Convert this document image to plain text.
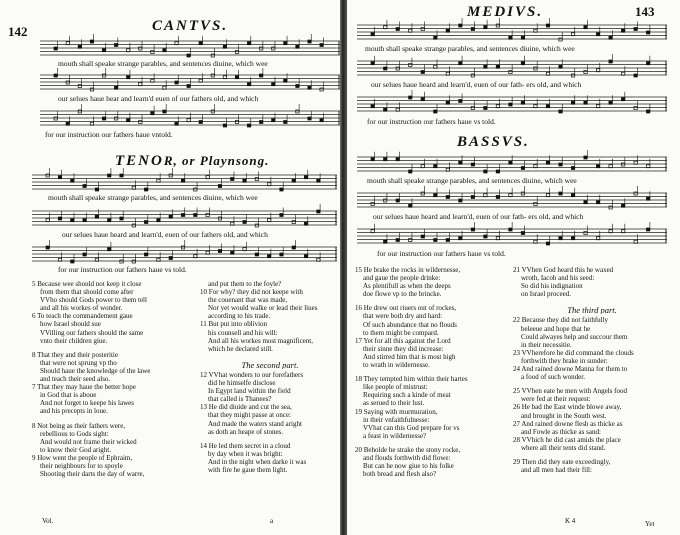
142	CANTVS.
mouth shall speake strange parables, and sentences diuine, which wee
our selues haue hear and learn'd euen of our fathers old, and which
for our instruction our fathers haue vntold.
TENOR, or Playnsong.
mouth shall speake strange parables, and sentences diuine, which wee
our selues haue heard and learn'd, euen of our fathers old, and which
for our instruction our fathers haue vs told.
5 Because wee should not keep it close
from them that should come after
VVho should Gods power to them tell
and all his workes of wonder.
6 To teach the commandement gaue
how Israel should sue
VVilling our fathers should the same
vnto their children giue.
8 That they and their posteritie
that were not sprung vp tho
Should haue the knowledge of the lawe
and teach their seed also.
7 That they may haue the better hope
in God that is aboue
And not forget to keepe his lawes
and his precepts in loue.
8 Not being as their fathers were,
rebellious to Gods sight:
And would not frame their wicked
to know their God aright.
9 How went the people of Ephraim,
their neighbours for to spoyle
Shooting their darts the day of warre,
and put them to the foyle?
10 For why? they did not keepe with
the couenant that was made,
Nor yet would walke or lead their liues
according to his trade.
11 But put into oblivion
his counsell and his will:
And all his workes most magnificent,
which he declared still.
The second part.
12 VVhat wonders to our forefathers
did he himselfe disclose
In Egypt land within the field
that called is Thanees?
13 He did diuide and cut the sea,
that they might passe at once:
And made the waters stand aright
as doth an heape of stones.
14 He led them secret in a cloud
by day when it was bright:
And in the night when darke it was
with fire he gaue them light.
Vol.	a
MEDIVS.	143
mouth shall speake strange parables, and sentences diuine, which wee
our selues haue heard and learn'd, euen of our fath- ers old, and which
for our instruction our fathers haue vs told.
BASSVS.
mouth shall speake strange parables, and sentences diuine, which wee
our selues haue heard and learn'd, euen of our fath- ers old, and which
for our instruction our fathers haue vs told.
15 He brake the rocks in wildernesse,
and gaue the people drinke:
As plentifull as when the deeps
doe flowe vp to the brincke.
16 He drew out riuers out of rockes,
that were both dry and hard:
Of such abundance that no flouds
to them might be compard.
17 Yet for all this against the Lord
their sinne they did increase:
And stirred him that is most high
to wrath in wildernesse.
18 They tempted him within their hartes
like people of mistrust:
Requiring such a kinde of meat
as serued to their lust.
19 Saying with murmuration,
in their vnfaithfulnesse:
VVhat can this God prepare for vs
a feast in wildernesse?
20 Beholde he strake the stony rocke,
and flouds forthwith did flowe:
But can he now giue to his folke
both bread and flesh also?
21 VVhen God heard this he waxed
wroth, Iacob and his seed:
So did his indignation
on Israel proceed.
The third part.
22 Because they did not faithfully
beleeue and hope that he
Could alwayes help and succour them
in their necessitie.
23 VVherefore he did command the clouds
forthwith they brake in sunder:
24 And rained downe Manna for them to
a food of such wonder.
25 VVhen eate he men with Angels food
were fed at their request:
26 He bad the East winde blowe away,
and brought in the South west.
27 And rained downe flesh as thicke as
and Fowle as thicke as sand:
28 VVhich he did cast amids the place
where all their tents did stand.
29 Then did they eate exceedingly,
and all men had their fill:
K 4	Yet
